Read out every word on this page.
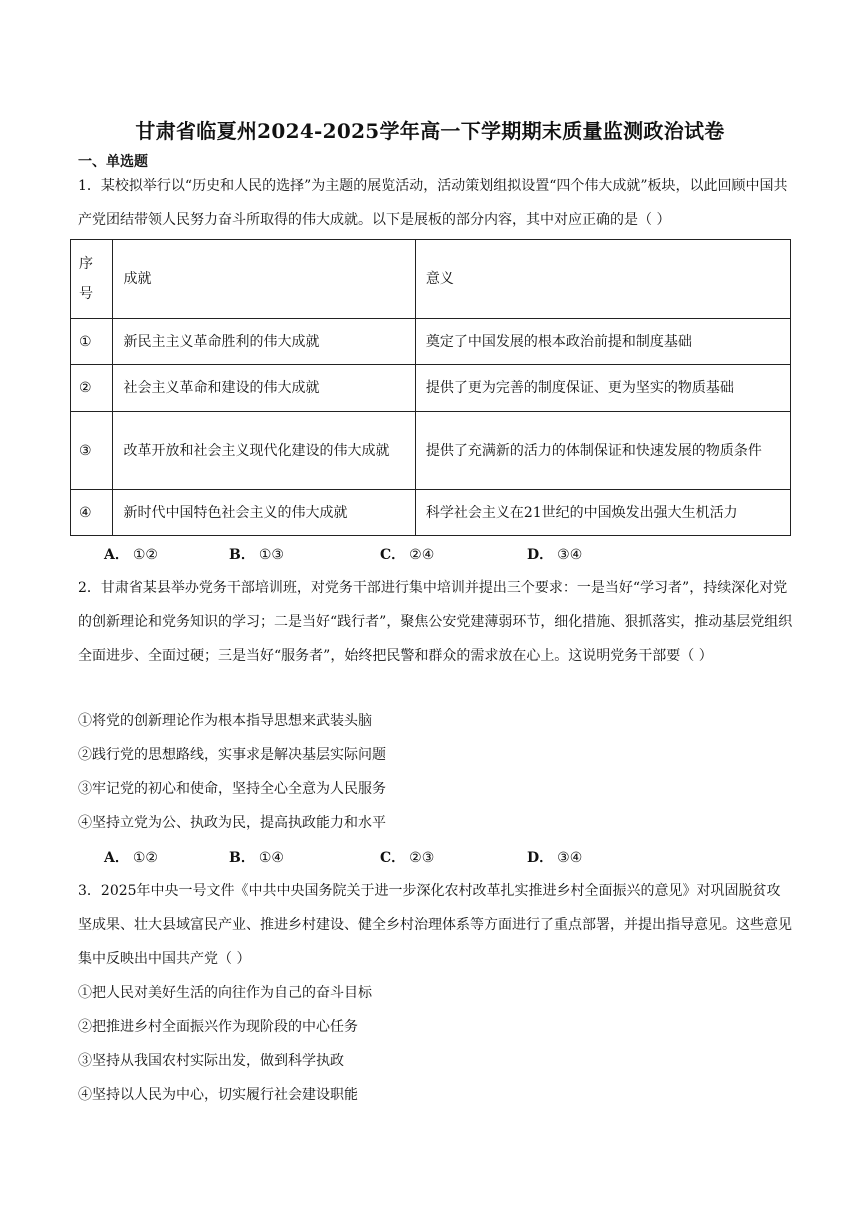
甘肃省临夏州2024-2025学年高一下学期期末质量监测政治试卷
一、单选题
1．某校拟举行以“历史和人民的选择”为主题的展览活动，活动策划组拟设置“四个伟大成就”板块，以此回顾中国共产党团结带领人民努力奋斗所取得的伟大成就。以下是展板的部分内容，其中对应正确的是（ ）
序号	成就	意义
①	新民主主义革命胜利的伟大成就	奠定了中国发展的根本政治前提和制度基础
②	社会主义革命和建设的伟大成就	提供了更为完善的制度保证、更为坚实的物质基础
③	改革开放和社会主义现代化建设的伟大成就	提供了充满新的活力的体制保证和快速发展的物质条件
④	新时代中国特色社会主义的伟大成就	科学社会主义在21世纪的中国焕发出强大生机活力
A． ①②	B． ①③	C． ②④	D． ③④
2．甘肃省某县举办党务干部培训班，对党务干部进行集中培训并提出三个要求：一是当好“学习者”，持续深化对党的创新理论和党务知识的学习；二是当好“践行者”，聚焦公安党建薄弱环节，细化措施、狠抓落实，推动基层党组织全面进步、全面过硬；三是当好“服务者”，始终把民警和群众的需求放在心上。这说明党务干部要（ ）
①将党的创新理论作为根本指导思想来武装头脑
②践行党的思想路线，实事求是解决基层实际问题
③牢记党的初心和使命，坚持全心全意为人民服务
④坚持立党为公、执政为民，提高执政能力和水平
A． ①②	B． ①④	C． ②③	D． ③④
3．2025年中央一号文件《中共中央国务院关于进一步深化农村改革扎实推进乡村全面振兴的意见》对巩固脱贫攻坚成果、壮大县域富民产业、推进乡村建设、健全乡村治理体系等方面进行了重点部署，并提出指导意见。这些意见集中反映出中国共产党（ ）
①把人民对美好生活的向往作为自己的奋斗目标
②把推进乡村全面振兴作为现阶段的中心任务
③坚持从我国农村实际出发，做到科学执政
④坚持以人民为中心，切实履行社会建设职能
